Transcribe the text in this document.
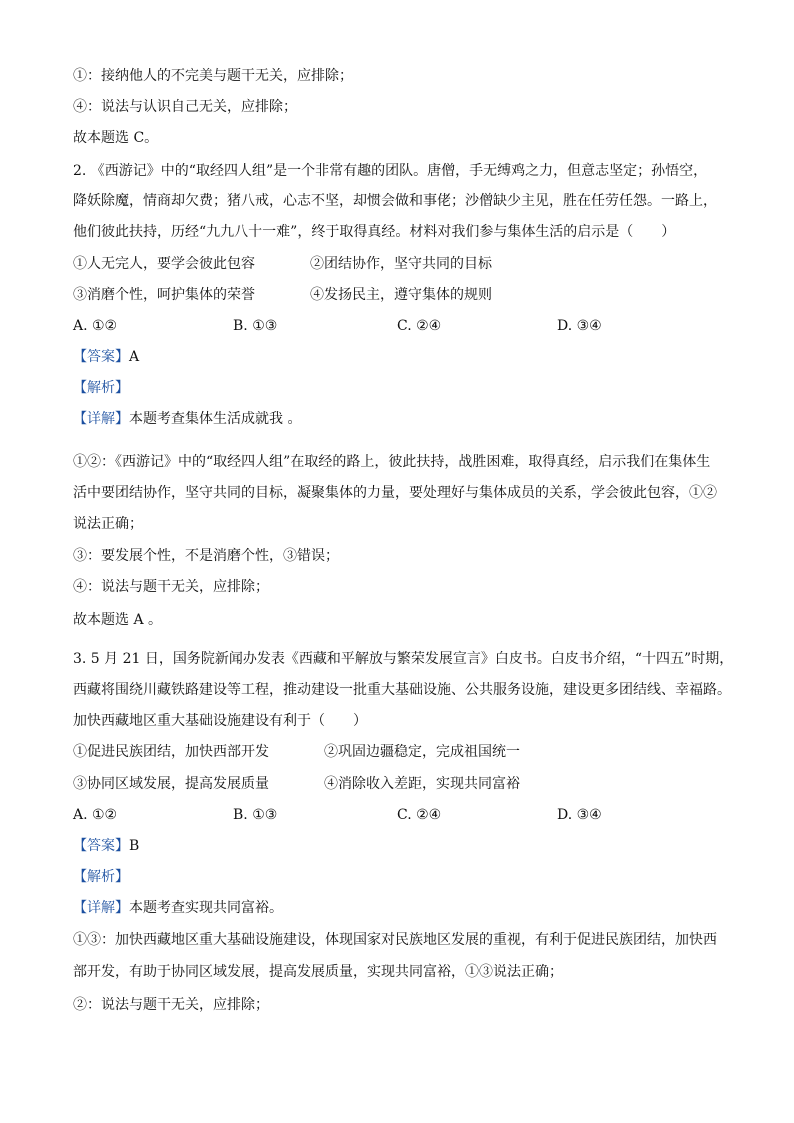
①：接纳他人的不完美与题干无关，应排除；
④：说法与认识自己无关，应排除；
故本题选 C。
2. 《西游记》中的“取经四人组”是一个非常有趣的团队。唐僧，手无缚鸡之力，但意志坚定；孙悟空，
降妖除魔，情商却欠费；猪八戒，心志不坚，却惯会做和事佬；沙僧缺少主见，胜在任劳任怨。一路上，
他们彼此扶持，历经“九九八十一难”，终于取得真经。材料对我们参与集体生活的启示是（　　）
①人无完人，要学会彼此包容	②团结协作，坚守共同的目标
③消磨个性，呵护集体的荣誉	④发扬民主，遵守集体的规则
A. ①②	B. ①③	C. ②④	D. ③④
【答案】A
【解析】
【详解】本题考查集体生活成就我 。
①②：《西游记》中的“取经四人组”在取经的路上，彼此扶持，战胜困难，取得真经，启示我们在集体生
活中要团结协作，坚守共同的目标，凝聚集体的力量，要处理好与集体成员的关系，学会彼此包容，①②
说法正确；
③：要发展个性，不是消磨个性，③错误；
④：说法与题干无关，应排除；
故本题选 A 。
3. 5 月 21 日，国务院新闻办发表《西藏和平解放与繁荣发展宣言》白皮书。白皮书介绍，“十四五”时期，
西藏将围绕川藏铁路建设等工程，推动建设一批重大基础设施、公共服务设施，建设更多团结线、幸福路。
加快西藏地区重大基础设施建设有利于（　　）
①促进民族团结，加快西部开发	②巩固边疆稳定，完成祖国统一
③协同区域发展，提高发展质量	④消除收入差距，实现共同富裕
A. ①②	B. ①③	C. ②④	D. ③④
【答案】B
【解析】
【详解】本题考查实现共同富裕。
①③：加快西藏地区重大基础设施建设，体现国家对民族地区发展的重视，有利于促进民族团结，加快西
部开发，有助于协同区域发展，提高发展质量，实现共同富裕，①③说法正确；
②：说法与题干无关，应排除；
